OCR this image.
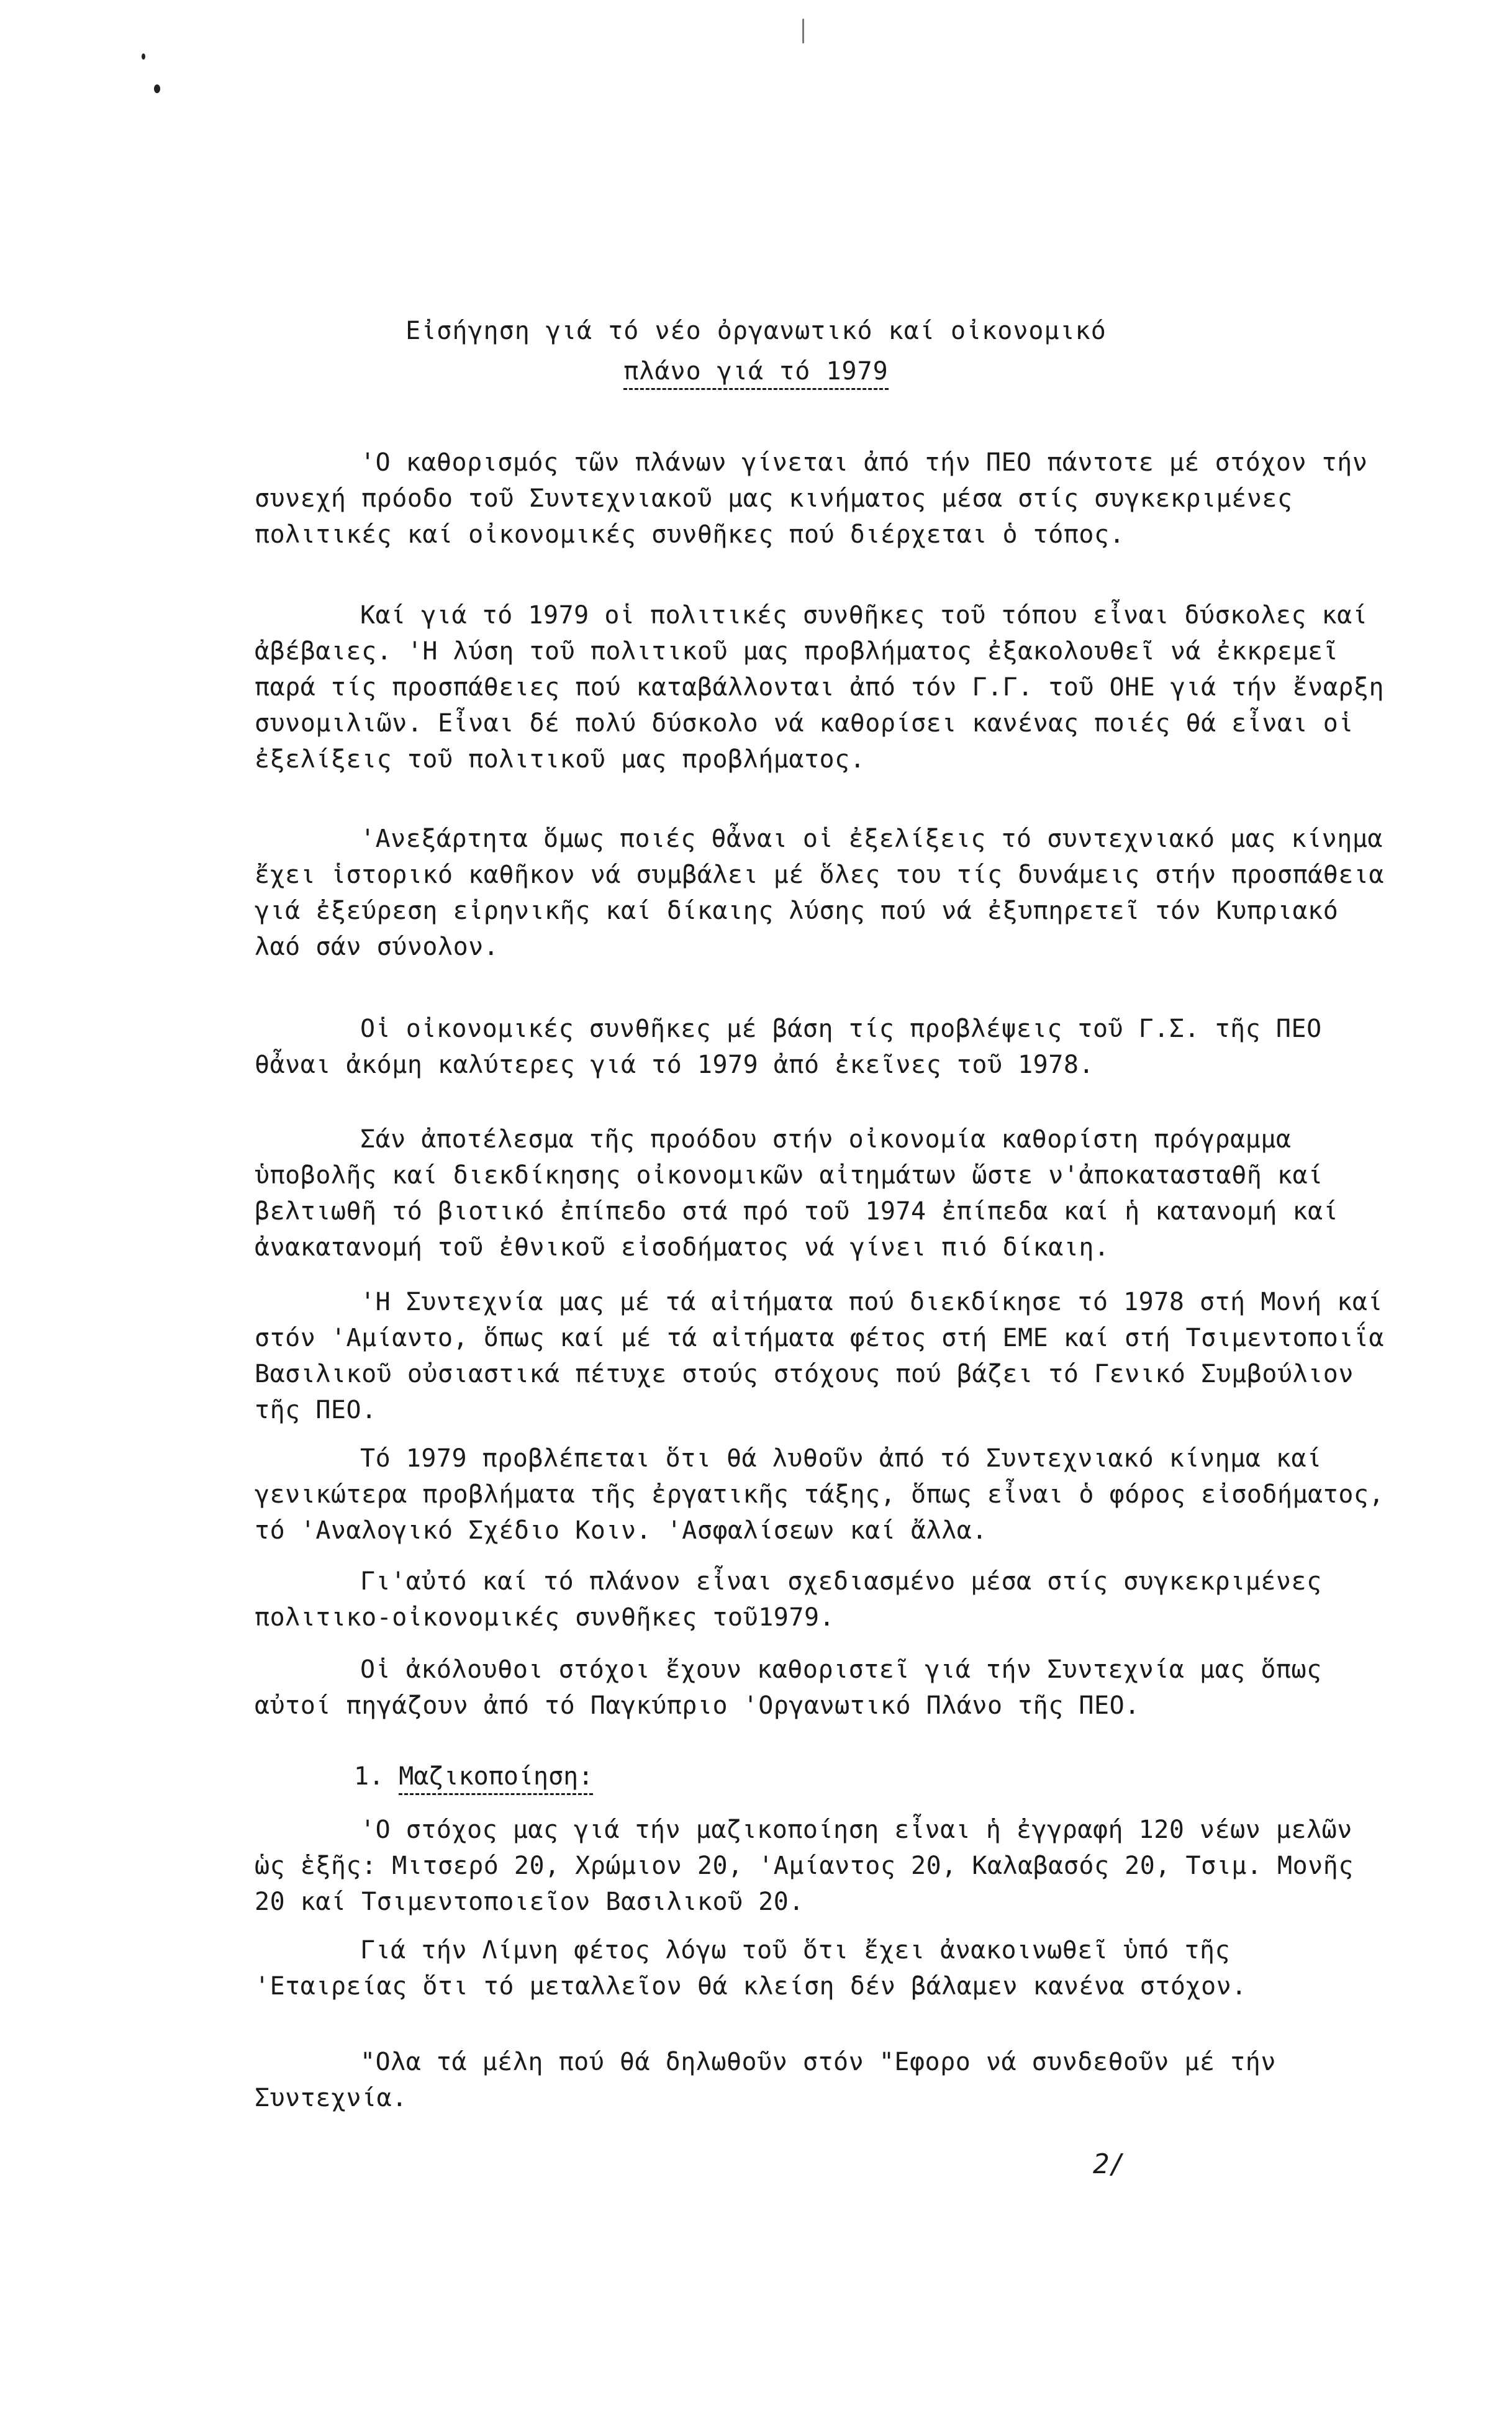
Εἰσήγηση γιά τό νέο ὀργανωτικό καί οἰκονομικό
πλάνο γιά τό 1979
'Ο καθορισμός τῶν πλάνων γίνεται ἀπό τήν ΠΕΟ πάντοτε μέ στόχον τήν συνεχή πρόοδο τοῦ Συντεχνιακοῦ μας κινήματος μέσα στίς συγκεκριμένες πολιτικές καί οἰκονομικές συνθῆκες πού διέρχεται ὁ τόπος.
Καί γιά τό 1979 οἱ πολιτικές συνθῆκες τοῦ τόπου εἶναι δύσκολες καί ἀβέβαιες. 'Η λύση τοῦ πολιτικοῦ μας προβλήματος ἐξακολουθεῖ νά ἐκκρεμεῖ παρά τίς προσπάθειες πού καταβάλλονται ἀπό τόν Γ.Γ. τοῦ ΟΗΕ γιά τήν ἔναρξη συνομιλιῶν. Εἶναι δέ πολύ δύσκολο νά καθορίσει κανένας ποιές θά εἶναι οἱ ἐξελίξεις τοῦ πολιτικοῦ μας προβλήματος.
'Ανεξάρτητα ὅμως ποιές θἆναι οἱ ἐξελίξεις τό συντεχνιακό μας κίνημα ἔχει ἱστορικό καθῆκον νά συμβάλει μέ ὅλες του τίς δυνάμεις στήν προσπάθεια γιά ἐξεύρεση εἰρηνικῆς καί δίκαιης λύσης πού νά ἐξυπηρετεῖ τόν Κυπριακό λαό σάν σύνολον.
Οἱ οἰκονομικές συνθῆκες μέ βάση τίς προβλέψεις τοῦ Γ.Σ. τῆς ΠΕΟ θἆναι ἀκόμη καλύτερες γιά τό 1979 ἀπό ἐκεῖνες τοῦ 1978.
Σάν ἀποτέλεσμα τῆς προόδου στήν οἰκονομία καθορίστη πρόγραμμα ὑποβολῆς καί διεκδίκησης οἰκονομικῶν αἰτημάτων ὥστε ν'ἀποκατασταθῆ καί βελτιωθῆ τό βιοτικό ἐπίπεδο στά πρό τοῦ 1974 ἐπίπεδα καί ἡ κατανομή καί ἀνακατανομή τοῦ ἐθνικοῦ εἰσοδήματος νά γίνει πιό δίκαιη.
'Η Συντεχνία μας μέ τά αἰτήματα πού διεκδίκησε τό 1978 στή Μονή καί στόν 'Αμίαντο, ὅπως καί μέ τά αἰτήματα φέτος στή ΕΜΕ καί στή Τσιμεντοποιΐα Βασιλικοῦ οὐσιαστικά πέτυχε στούς στόχους πού βάζει τό Γενικό Συμβούλιον τῆς ΠΕΟ.
Τό 1979 προβλέπεται ὅτι θά λυθοῦν ἀπό τό Συντεχνιακό κίνημα καί γενικώτερα προβλήματα τῆς ἐργατικῆς τάξης, ὅπως εἶναι ὁ φόρος εἰσοδήματος, τό 'Αναλογικό Σχέδιο Κοιν. 'Ασφαλίσεων καί ἄλλα.
Γι'αὐτό καί τό πλάνον εἶναι σχεδιασμένο μέσα στίς συγκεκριμένες πολιτικο-οἰκονομικές συνθῆκες τοῦ1979.
Οἱ ἀκόλουθοι στόχοι ἔχουν καθοριστεῖ γιά τήν Συντεχνία μας ὅπως αὐτοί πηγάζουν ἀπό τό Παγκύπριο 'Οργανωτικό Πλάνο τῆς ΠΕΟ.
1. Μαζικοποίηση:
'Ο στόχος μας γιά τήν μαζικοποίηση εἶναι ἡ ἐγγραφή 120 νέων μελῶν ὡς ἑξῆς: Μιτσερό 20, Χρώμιον 20, 'Αμίαντος 20, Καλαβασός 20, Τσιμ. Μονῆς 20 καί Τσιμεντοποιεῖον Βασιλικοῦ 20.
Γιά τήν Λίμνη φέτος λόγω τοῦ ὅτι ἔχει ἀνακοινωθεῖ ὑπό τῆς 'Εταιρείας ὅτι τό μεταλλεῖον θά κλείση δέν βάλαμεν κανένα στόχον.
"Ολα τά μέλη πού θά δηλωθοῦν στόν "Εφορο νά συνδεθοῦν μέ τήν Συντεχνία.
2/
